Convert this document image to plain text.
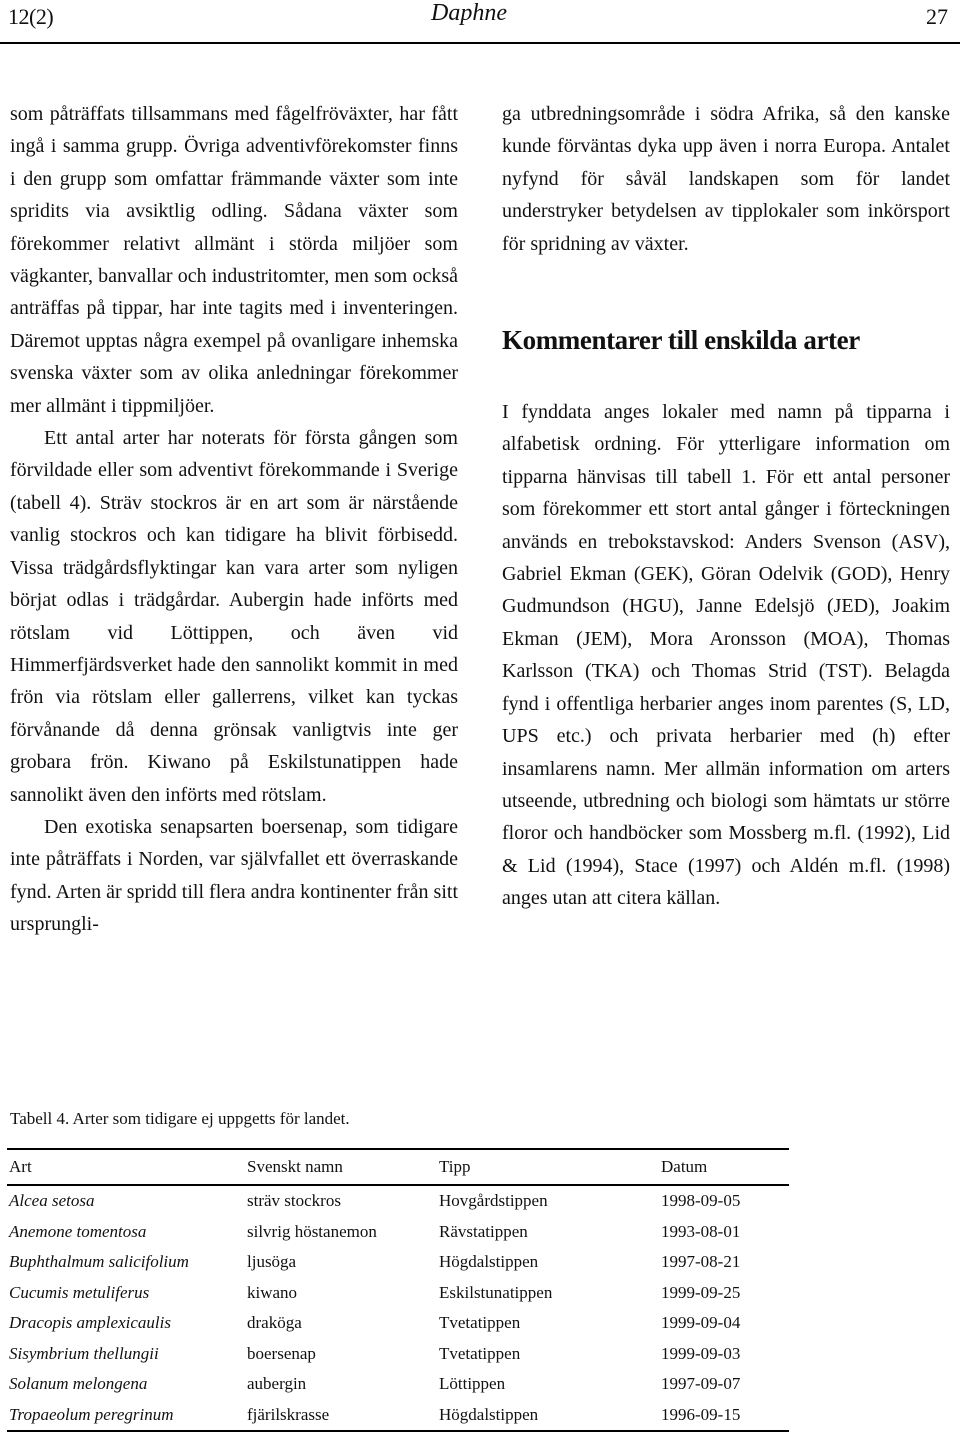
12(2)	Daphne	27

som påträffats tillsammans med fågelfröväxter, har fått ingå i samma grupp. Övriga adventivförekomster finns i den grupp som omfattar främmande växter som inte spridits via avsiktlig odling. Sådana växter som förekommer relativt allmänt i störda miljöer som vägkanter, banvallar och industritomter, men som också anträffas på tippar, har inte tagits med i inventeringen. Däremot upptas några exempel på ovanligare inhemska svenska växter som av olika anledningar förekommer mer allmänt i tippmiljöer.

Ett antal arter har noterats för första gången som förvildade eller som adventivt förekommande i Sverige (tabell 4). Sträv stockros är en art som är närstående vanlig stockros och kan tidigare ha blivit förbisedd. Vissa trädgårdsflyktingar kan vara arter som nyligen börjat odlas i trädgårdar. Aubergin hade införts med rötslam vid Löttippen, och även vid Himmerfjärdsverket hade den sannolikt kommit in med frön via rötslam eller gallerrens, vilket kan tyckas förvånande då denna grönsak vanligtvis inte ger grobara frön. Kiwano på Eskilstunatippen hade sannolikt även den införts med rötslam.

Den exotiska senapsarten boersenap, som tidigare inte påträffats i Norden, var självfallet ett överraskande fynd. Arten är spridd till flera andra kontinenter från sitt ursprungli-

ga utbredningsområde i södra Afrika, så den kanske kunde förväntas dyka upp även i norra Europa. Antalet nyfynd för såväl landskapen som för landet understryker betydelsen av tipplokaler som inkörsport för spridning av växter.

Kommentarer till enskilda arter

I fynddata anges lokaler med namn på tipparna i alfabetisk ordning. För ytterligare information om tipparna hänvisas till tabell 1. För ett antal personer som förekommer ett stort antal gånger i förteckningen används en trebokstavskod: Anders Svenson (ASV), Gabriel Ekman (GEK), Göran Odelvik (GOD), Henry Gudmundson (HGU), Janne Edelsjö (JED), Joakim Ekman (JEM), Mora Aronsson (MOA), Thomas Karlsson (TKA) och Thomas Strid (TST). Belagda fynd i offentliga herbarier anges inom parentes (S, LD, UPS etc.) och privata herbarier med (h) efter insamlarens namn. Mer allmän information om arters utseende, utbredning och biologi som hämtats ur större floror och handböcker som Mossberg m.fl. (1992), Lid & Lid (1994), Stace (1997) och Aldén m.fl. (1998) anges utan att citera källan.

Tabell 4. Arter som tidigare ej uppgetts för landet.
Art	Svenskt namn	Tipp	Datum
Alcea setosa	sträv stockros	Hovgårdstippen	1998-09-05
Anemone tomentosa	silvrig höstanemon	Rävstatippen	1993-08-01
Buphthalmum salicifolium	ljusöga	Högdalstippen	1997-08-21
Cucumis metuliferus	kiwano	Eskilstunatippen	1999-09-25
Dracopis amplexicaulis	draköga	Tvetatippen	1999-09-04
Sisymbrium thellungii	boersenap	Tvetatippen	1999-09-03
Solanum melongena	aubergin	Löttippen	1997-09-07
Tropaeolum peregrinum	fjärilskrasse	Högdalstippen	1996-09-15
